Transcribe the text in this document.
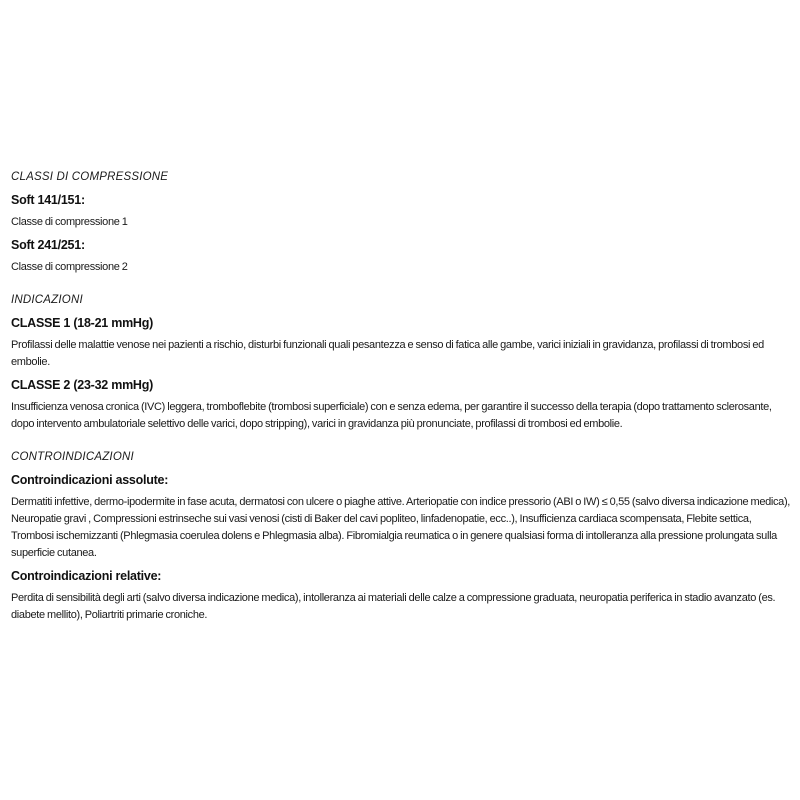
CLASSI DI COMPRESSIONE
Soft 141/151:

Classe di compressione 1

Soft 241/251:

Classe di compressione 2

INDICAZIONI
CLASSE 1 (18-21 mmHg)

Profilassi delle malattie venose nei pazienti a rischio, disturbi funzionali quali pesantezza e senso di fatica alle gambe, varici iniziali in gravidanza, profilassi di trombosi ed embolie.

CLASSE 2 (23-32 mmHg)

Insufficienza venosa cronica (IVC) leggera, tromboflebite (trombosi superficiale) con e senza edema, per garantire il successo della terapia (dopo trattamento sclerosante, dopo intervento ambulatoriale selettivo delle varici, dopo stripping), varici in gravidanza più pronunciate, profilassi di trombosi ed embolie.

CONTROINDICAZIONI
Controindicazioni assolute:

Dermatiti infettive, dermo-ipodermite in fase acuta, dermatosi con ulcere o piaghe attive. Arteriopatie con indice pressorio (ABI o IW) ≤ 0,55 (salvo diversa indicazione medica), Neuropatie gravi , Compressioni estrinseche sui vasi venosi (cisti di Baker del cavi popliteo, linfadenopatie, ecc..), Insufficienza cardiaca scompensata, Flebite settica, Trombosi ischemizzanti (Phlegmasia coerulea dolens e Phlegmasia alba). Fibromialgia reumatica o in genere qualsiasi forma di intolleranza alla pressione prolungata sulla superficie cutanea.

Controindicazioni relative:

Perdita di sensibilità degli arti (salvo diversa indicazione medica), intolleranza ai materiali delle calze a compressione graduata, neuropatia periferica in stadio avanzato (es. diabete mellito), Poliartriti primarie croniche.
